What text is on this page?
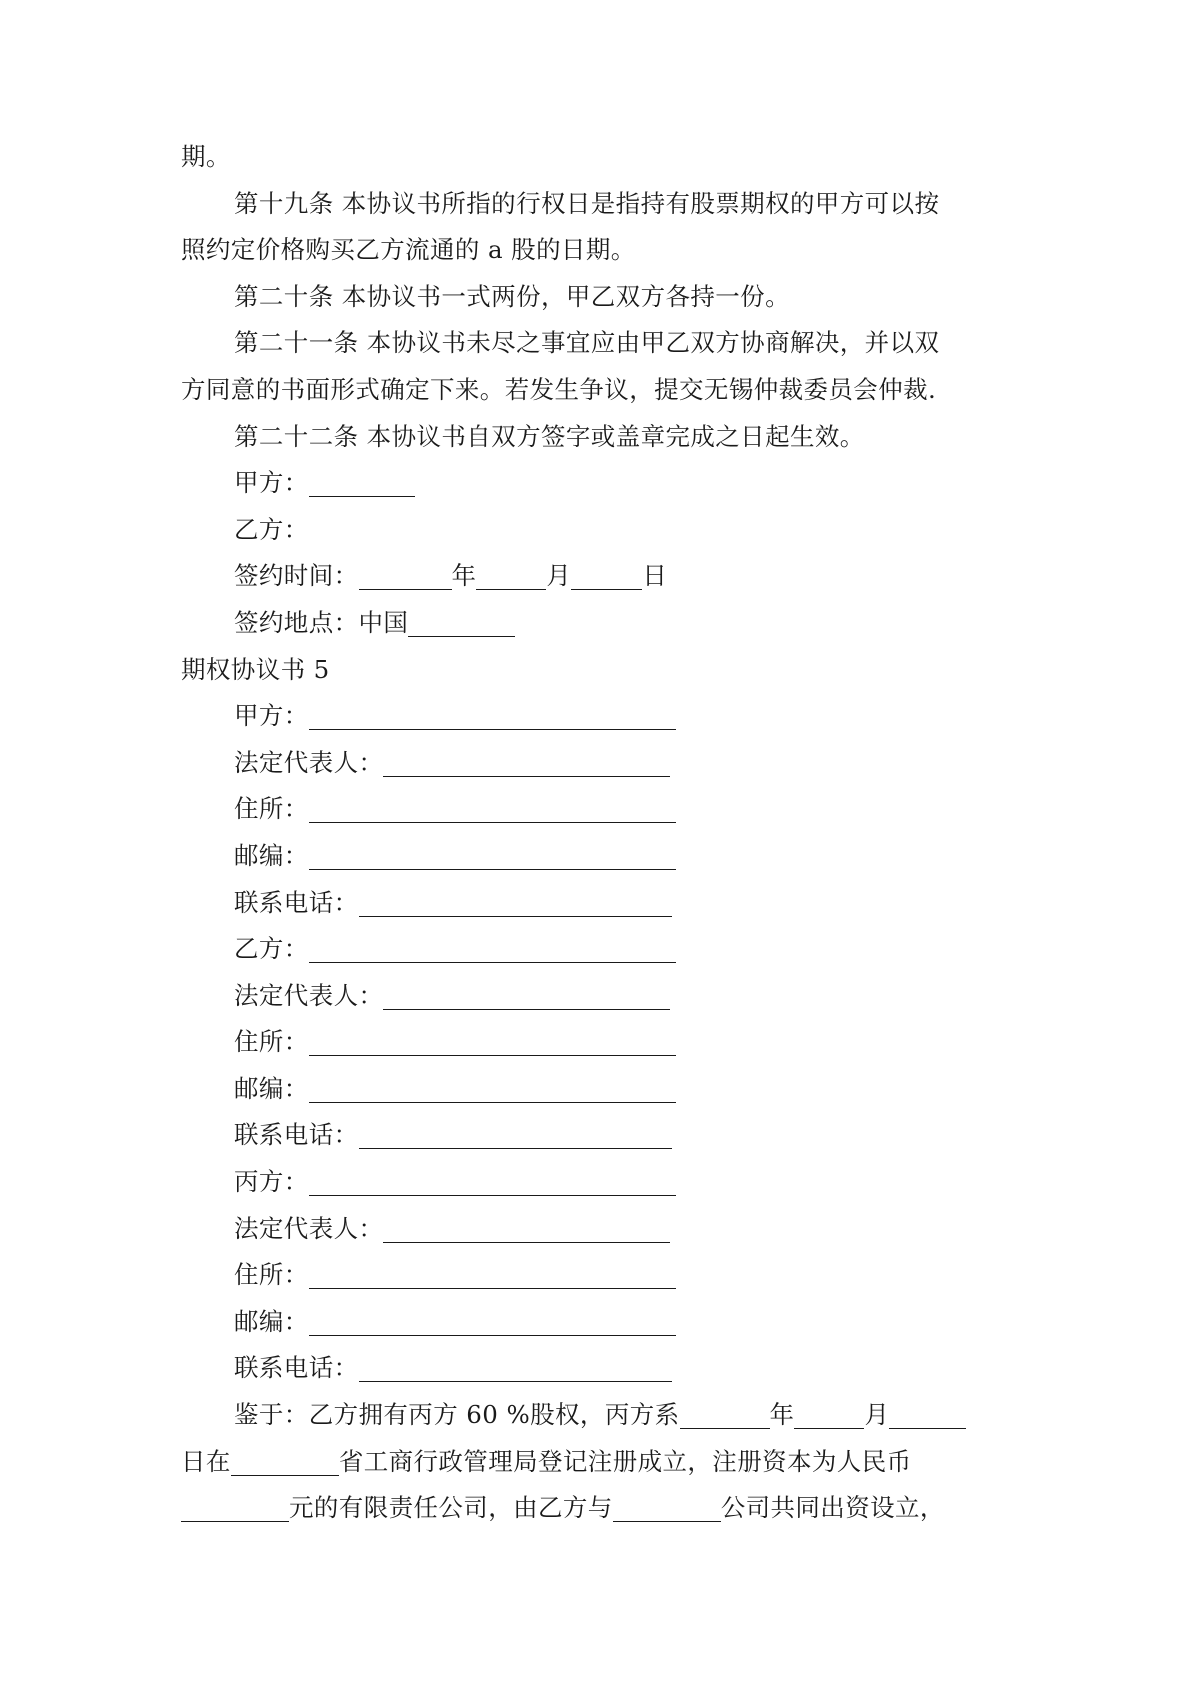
期。
第十九条 本协议书所指的行权日是指持有股票期权的甲方可以按
照约定价格购买乙方流通的 a 股的日期。
第二十条 本协议书一式两份，甲乙双方各持一份。
第二十一条 本协议书未尽之事宜应由甲乙双方协商解决，并以双
方同意的书面形式确定下来。若发生争议，提交无锡仲裁委员会仲裁.
第二十二条 本协议书自双方签字或盖章完成之日起生效。
甲方：
乙方：
签约时间：	年	月	日
签约地点：中国
期权协议书 5
甲方：
法定代表人：
住所：
邮编：
联系电话：
乙方：
法定代表人：
住所：
邮编：
联系电话：
丙方：
法定代表人：
住所：
邮编：
联系电话：
鉴于：乙方拥有丙方 60 %股权，丙方系	年	月
日在	省工商行政管理局登记注册成立，注册资本为人民币
元的有限责任公司，由乙方与	公司共同出资设立，
